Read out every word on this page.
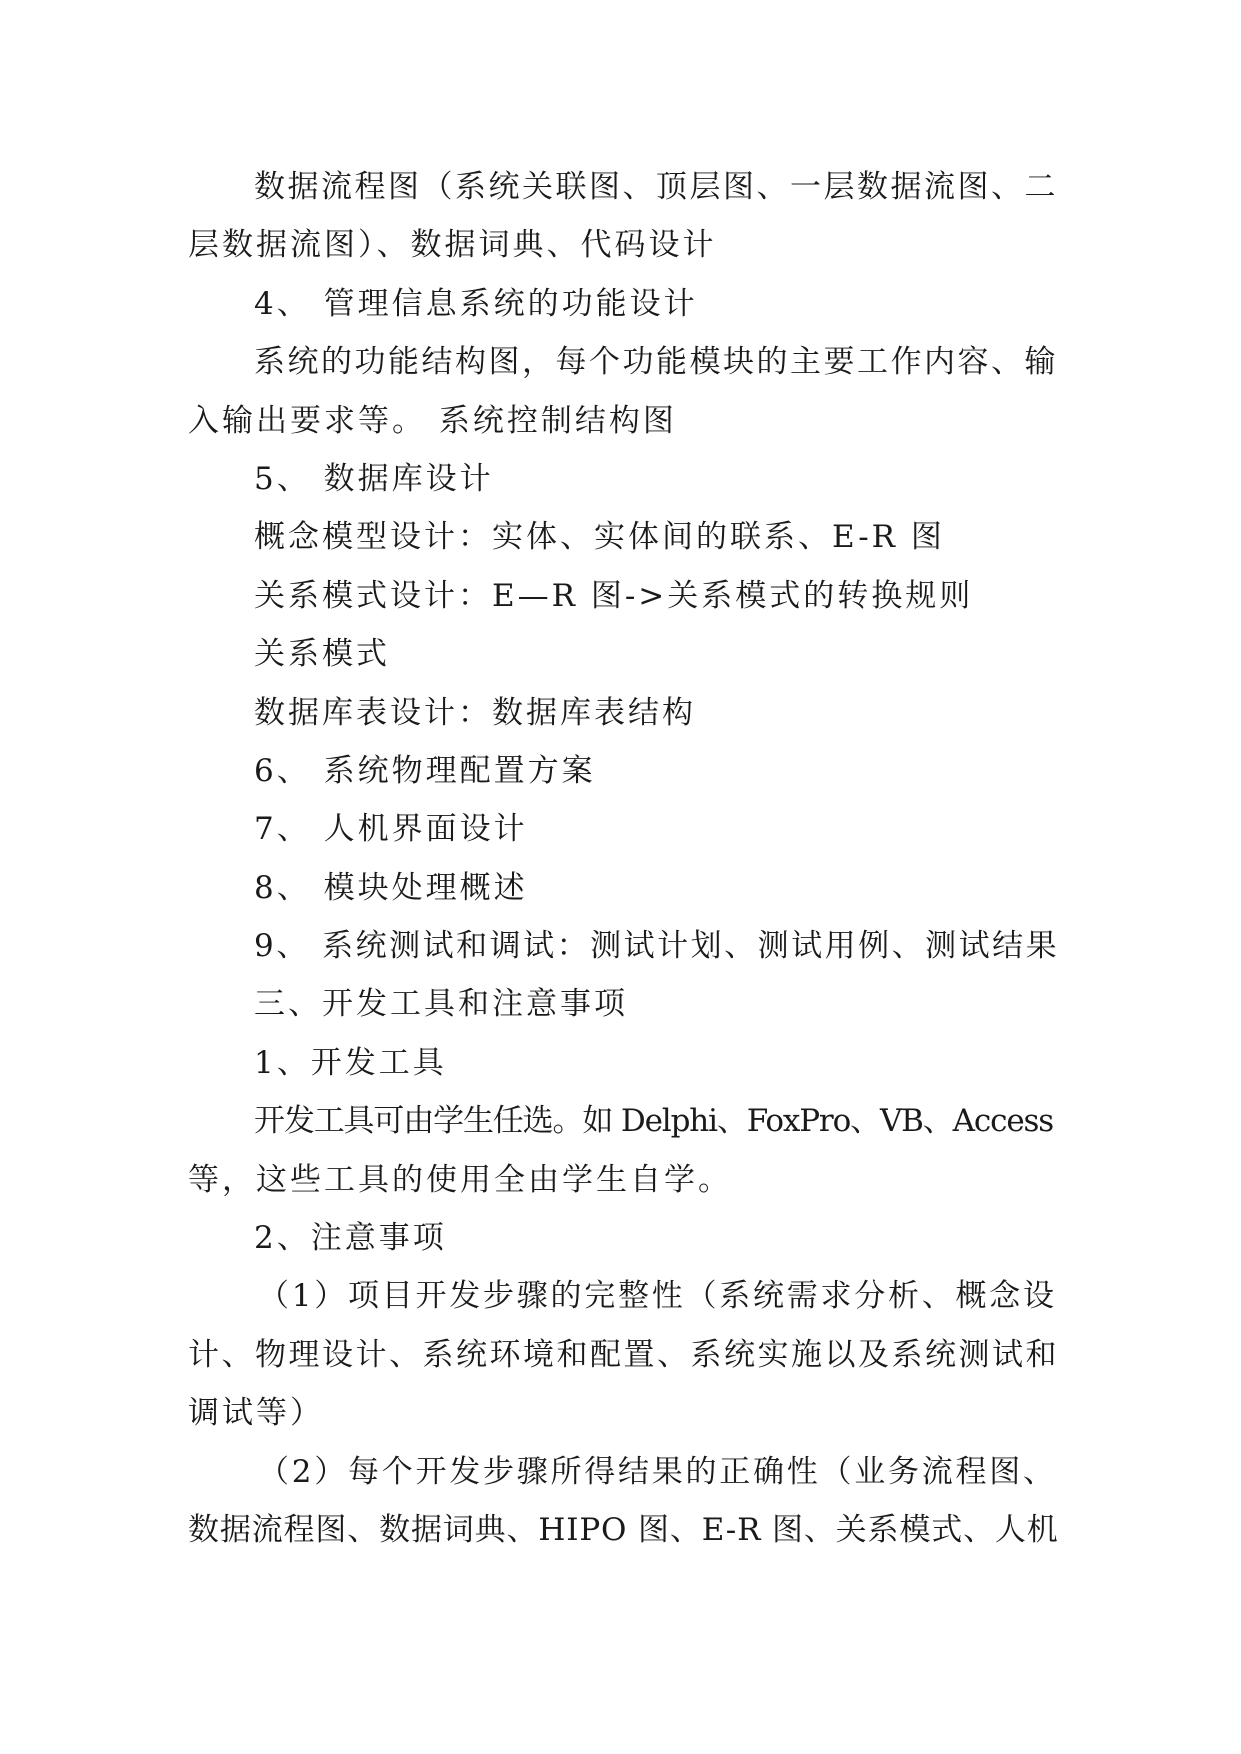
数据流程图（系统关联图、顶层图、一层数据流图、二
层数据流图）、数据词典、代码设计
4、 管理信息系统的功能设计
系统的功能结构图，每个功能模块的主要工作内容、输
入输出要求等。 系统控制结构图
5、 数据库设计
概念模型设计：实体、实体间的联系、E-R 图
关系模式设计：E—R 图->关系模式的转换规则
关系模式
数据库表设计：数据库表结构
6、 系统物理配置方案
7、 人机界面设计
8、 模块处理概述
9、 系统测试和调试：测试计划、测试用例、测试结果
三、开发工具和注意事项
1、开发工具
开发工具可由学生任选。如 Delphi、FoxPro、VB、Access
等，这些工具的使用全由学生自学。
2、注意事项
（1）项目开发步骤的完整性（系统需求分析、概念设
计、物理设计、系统环境和配置、系统实施以及系统测试和
调试等）
（2）每个开发步骤所得结果的正确性（业务流程图、
数据流程图、数据词典、HIPO 图、E-R 图、关系模式、人机
